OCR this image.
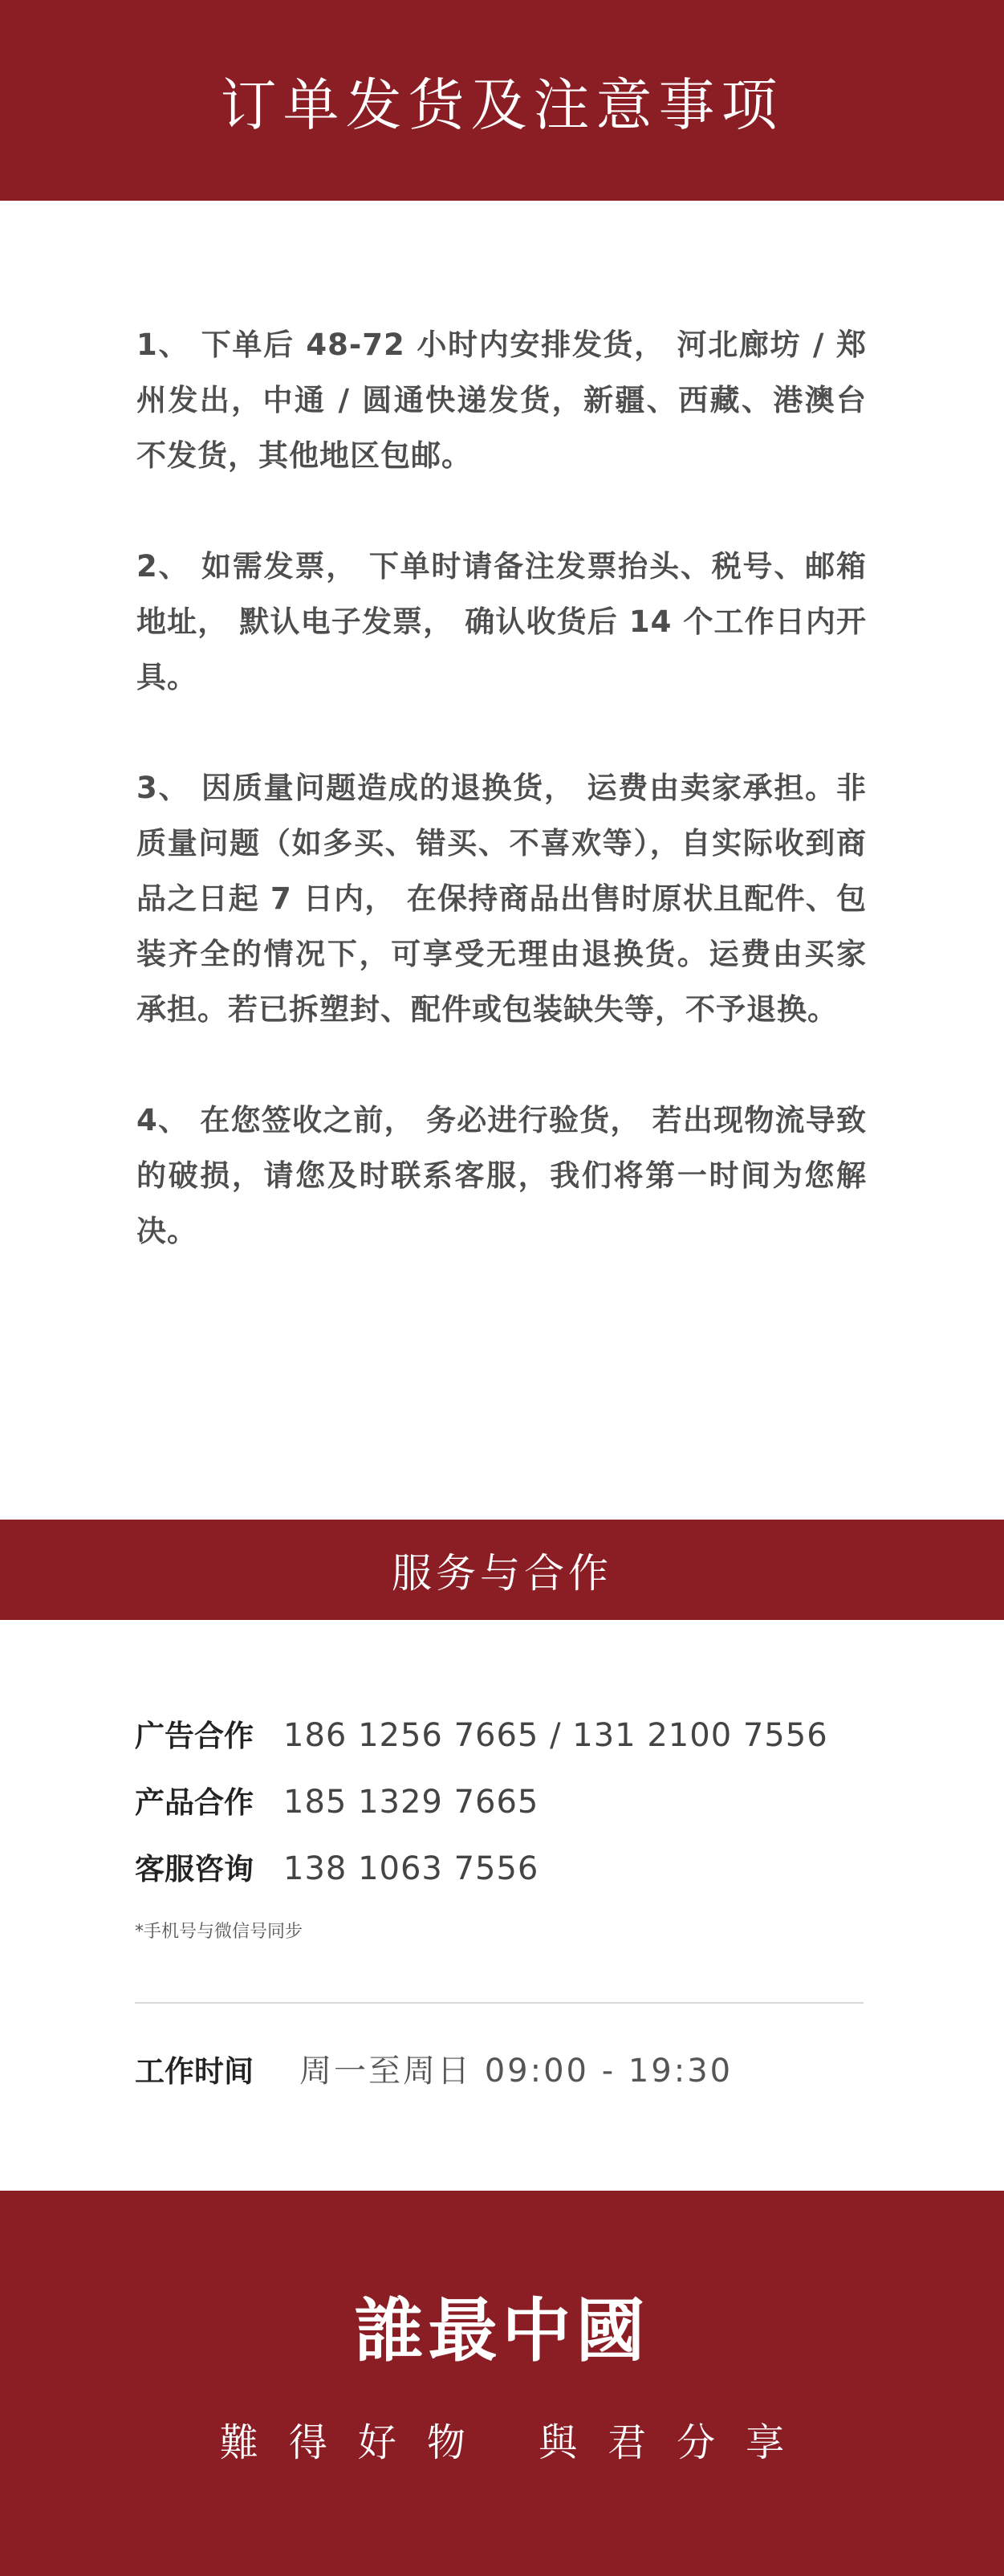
订单发货及注意事项

1、 下单后 48-72 小时内安排发货， 河北廊坊 / 郑州发出，中通 / 圆通快递发货，新疆、西藏、港澳台不发货，其他地区包邮。

2、 如需发票， 下单时请备注发票抬头、税号、邮箱地址， 默认电子发票， 确认收货后 14 个工作日内开具。

3、 因质量问题造成的退换货， 运费由卖家承担。非质量问题（如多买、错买、不喜欢等），自实际收到商品之日起 7 日内， 在保持商品出售时原状且配件、包装齐全的情况下，可享受无理由退换货。运费由买家承担。若已拆塑封、配件或包装缺失等，不予退换。

4、 在您签收之前， 务必进行验货， 若出现物流导致的破损，请您及时联系客服，我们将第一时间为您解决。

服务与合作
广告合作 186 1256 7665 / 131 2100 7556
产品合作 185 1329 7665
客服咨询 138 1063 7556
*手机号与微信号同步
工作时间	周一至周日 09:00 - 19:30
誰最中國
難得好物 與君分享
